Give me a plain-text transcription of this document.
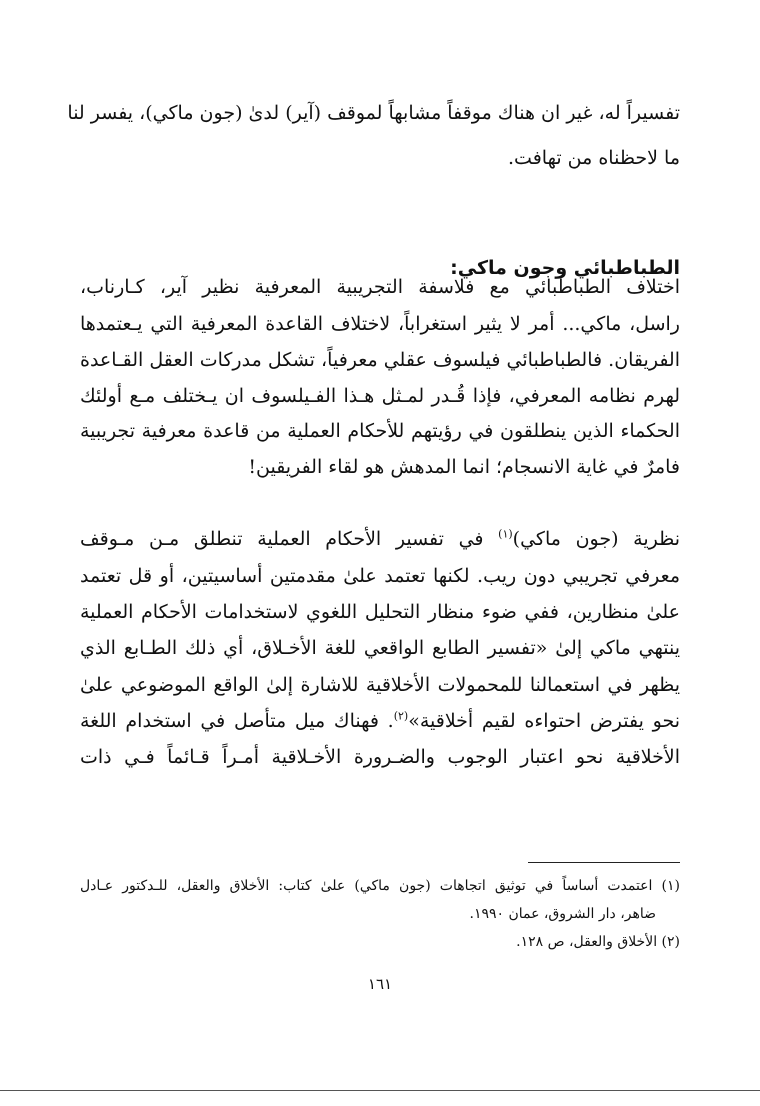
تفسيراً له، غير ان هناك موقفاً مشابهاً لموقف (آير) لدىٰ (جون ماكي)، يفسر لنا
ما لاحظناه من تهافت.
الطباطبائي وجون ماكي:
اختلاف الطباطبائي مع فلاسفة التجريبية المعرفية نظير آير، كـارناب،
راسل، ماكي... أمر لا يثير استغراباً، لاختلاف القاعدة المعرفية التي يـعتمدها
الفريقان. فالطباطبائي فيلسوف عقلي معرفياً، تشكل مدركات العقل القـاعدة
لهرم نظامه المعرفي، فإذا قُـدر لمـثل هـذا الفـيلسوف ان يـختلف مـع أولئك
الحكماء الذين ينطلقون في رؤيتهم للأحكام العملية من قاعدة معرفية تجريبية
فامرٌ في غاية الانسجام؛ انما المدهش هو لقاء الفريقين!
نظرية (جون ماكي)$^{(١)}$ في تفسير الأحكام العملية تنطلق مـن مـوقف
معرفي تجريبي دون ريب. لكنها تعتمد علىٰ مقدمتين أساسيتين، أو قل تعتمد
علىٰ منظارين، ففي ضوء منظار التحليل اللغوي لاستخدامات الأحكام العملية
ينتهي ماكي إلىٰ «تفسير الطابع الواقعي للغة الأخـلاق، أي ذلك الطـابع الذي
يظهر في استعمالنا للمحمولات الأخلاقية للاشارة إلىٰ الواقع الموضوعي علىٰ
نحو يفترض احتواءه لقيم أخلاقية»$^{(٢)}$. فهناك ميل متأصل في استخدام اللغة
الأخلاقية نحو اعتبار الوجوب والضـرورة الأخـلاقية أمـراً قـائماً فـي ذات
(١) اعتمدت أساساً في توثيق اتجاهات (جون ماكي) علىٰ كتاب: الأخلاق والعقل، للـدكتور عـادل
ضاهر، دار الشروق، عمان ١٩٩٠.
(٢) الأخلاق والعقل، ص ١٢٨.
١٦١
